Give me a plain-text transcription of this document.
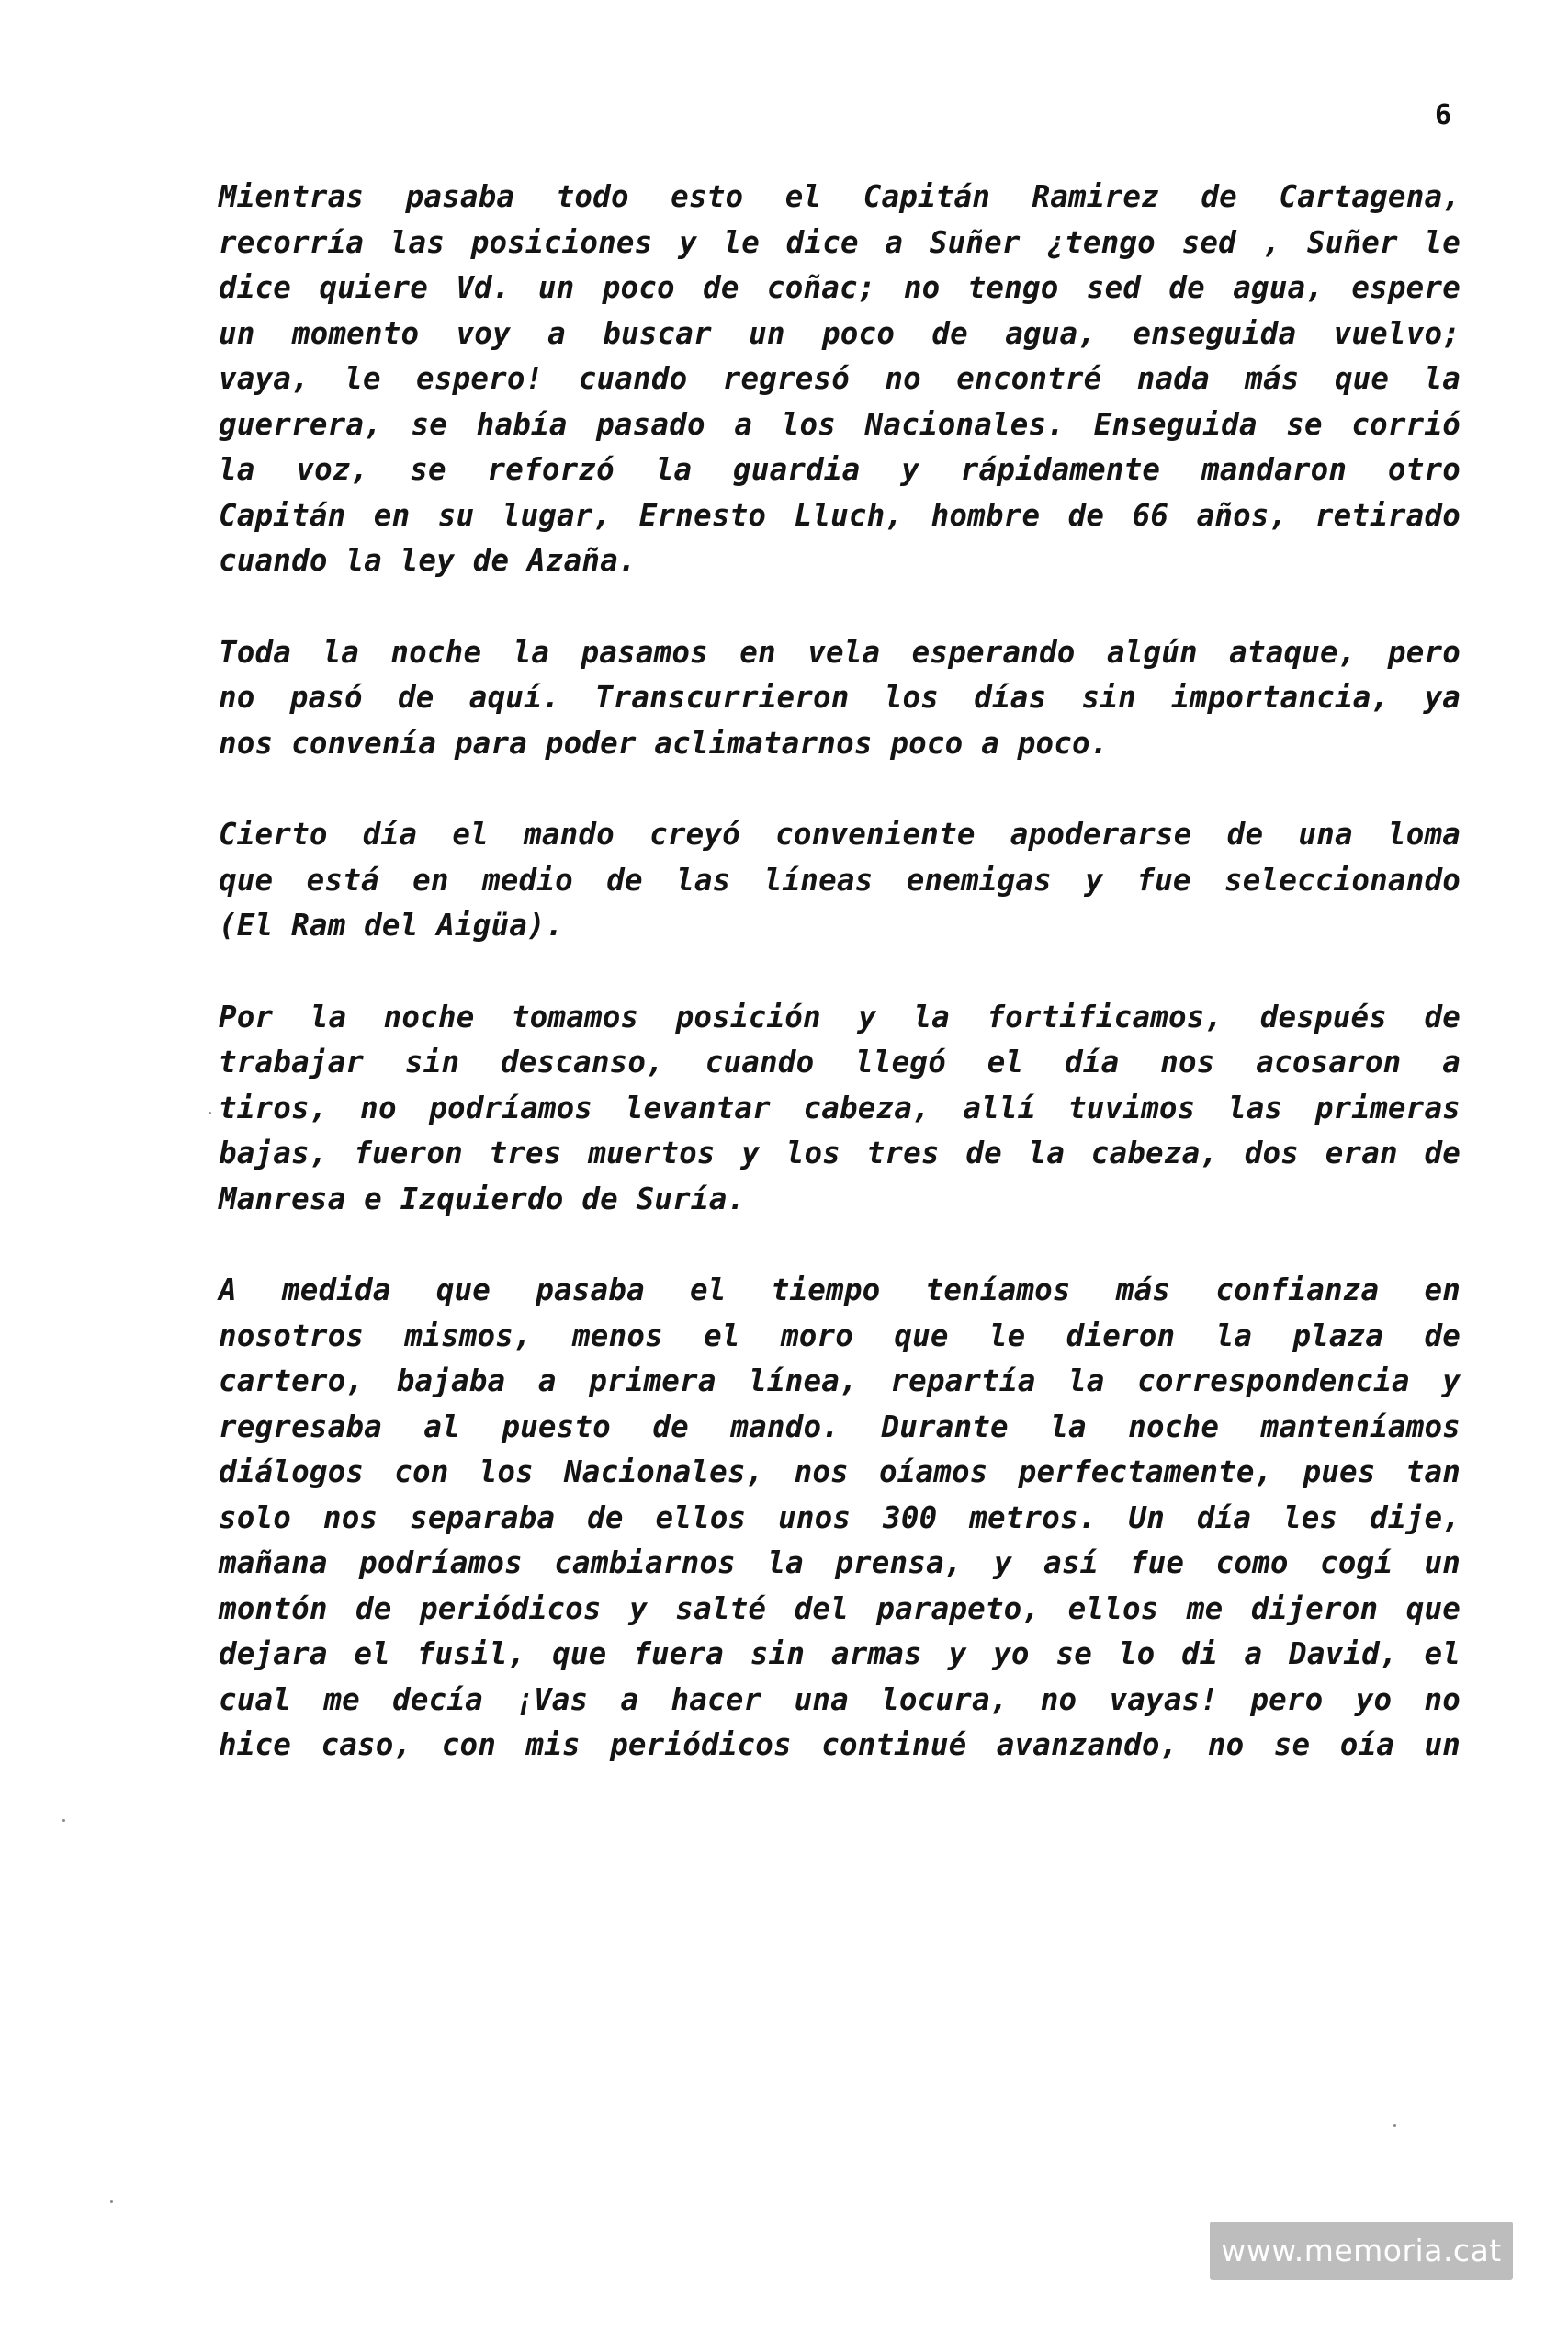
6
Mientras pasaba todo esto el Capitán Ramirez de Cartagena,
recorría las posiciones y le dice a Suñer ¿tengo sed , Suñer le
dice quiere Vd. un poco de coñac; no tengo sed de agua, espere
un momento voy a buscar un poco de agua, enseguida vuelvo;
vaya, le espero! cuando regresó no encontré nada más que la
guerrera, se había pasado a los Nacionales. Enseguida se corrió
la voz, se reforzó la guardia y rápidamente mandaron otro
Capitán en su lugar, Ernesto Lluch, hombre de 66 años, retirado
cuando la ley de Azaña.
Toda la noche la pasamos en vela esperando algún ataque, pero
no pasó de aquí. Transcurrieron los días sin importancia, ya
nos convenía para poder aclimatarnos poco a poco.
Cierto día el mando creyó conveniente apoderarse de una loma
que está en medio de las líneas enemigas y fue seleccionando
(El Ram del Aigüa).
Por la noche tomamos posición y la fortificamos, después de
trabajar sin descanso, cuando llegó el día nos acosaron a
tiros, no podríamos levantar cabeza, allí tuvimos las primeras
bajas, fueron tres muertos y los tres de la cabeza, dos eran de
Manresa e Izquierdo de Suría.
A medida que pasaba el tiempo teníamos más confianza en
nosotros mismos, menos el moro que le dieron la plaza de
cartero, bajaba a primera línea, repartía la correspondencia y
regresaba al puesto de mando. Durante la noche manteníamos
diálogos con los Nacionales, nos oíamos perfectamente, pues tan
solo nos separaba de ellos unos 300 metros. Un día les dije,
mañana podríamos cambiarnos la prensa, y así fue como cogí un
montón de periódicos y salté del parapeto, ellos me dijeron que
dejara el fusil, que fuera sin armas y yo se lo di a David, el
cual me decía ¡Vas a hacer una locura, no vayas! pero yo no
hice caso, con mis periódicos continué avanzando, no se oía un
www.memoria.cat
